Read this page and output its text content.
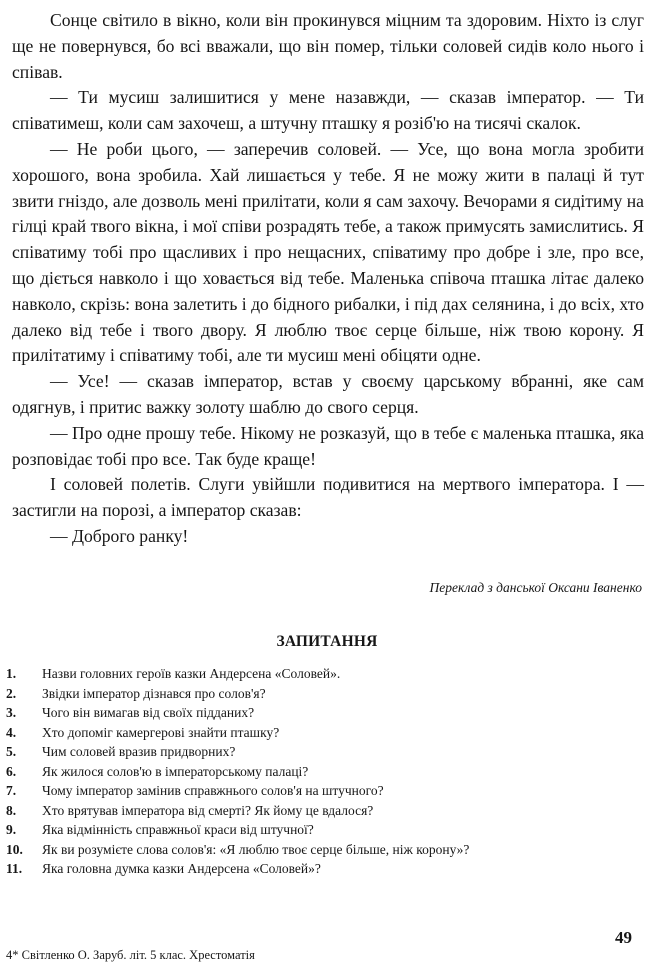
Сонце світило в вікно, коли він прокинувся міцним та здоровим. Ніхто із слуг ще не повернувся, бо всі вважали, що він помер, тільки соловей сидів коло нього і співав.

— Ти мусиш залишитися у мене назавжди, — сказав імператор. — Ти співатимеш, коли сам захочеш, а штучну пташку я розіб'ю на тисячі скалок.

— Не роби цього, — заперечив соловей. — Усе, що вона могла зробити хорошого, вона зробила. Хай лишається у тебе. Я не можу жити в палаці й тут звити гніздо, але дозволь мені прилітати, коли я сам захочу. Вечорами я сидітиму на гілці край твого вікна, і мої співи розрадять тебе, а також примусять замислитись. Я співатиму тобі про щасливих і про нещасних, співатиму про добре і зле, про все, що діється навколо і що ховається від тебе. Маленька співоча пташка літає далеко навколо, скрізь: вона залетить і до бідного рибалки, і під дах селянина, і до всіх, хто далеко від тебе і твого двору. Я люблю твоє серце більше, ніж твою корону. Я прилітатиму і співатиму тобі, але ти мусиш мені обіцяти одне.

— Усе! — сказав імператор, встав у своєму царському вбранні, яке сам одягнув, і притис важку золоту шаблю до свого серця.

— Про одне прошу тебе. Нікому не розказуй, що в тебе є маленька пташка, яка розповідає тобі про все. Так буде краще!

І соловей полетів. Слуги увійшли подивитися на мертвого імператора. І — застигли на порозі, а імператор сказав:

— Доброго ранку!

Переклад з данської Оксани Іваненко

ЗАПИТАННЯ
1. Назви головних героїв казки Андерсена «Соловей».
2. Звідки імператор дізнався про солов'я?
3. Чого він вимагав від своїх підданих?
4. Хто допоміг камергерові знайти пташку?
5. Чим соловей вразив придворних?
6. Як жилося солов'ю в імператорському палаці?
7. Чому імператор замінив справжнього солов'я на штучного?
8. Хто врятував імператора від смерті? Як йому це вдалося?
9. Яка відмінність справжньої краси від штучної?
10. Як ви розумієте слова солов'я: «Я люблю твоє серце більше, ніж корону»?
11. Яка головна думка казки Андерсена «Соловей»?

49

4* Світленко О. Заруб. літ. 5 клас. Хрестоматія
